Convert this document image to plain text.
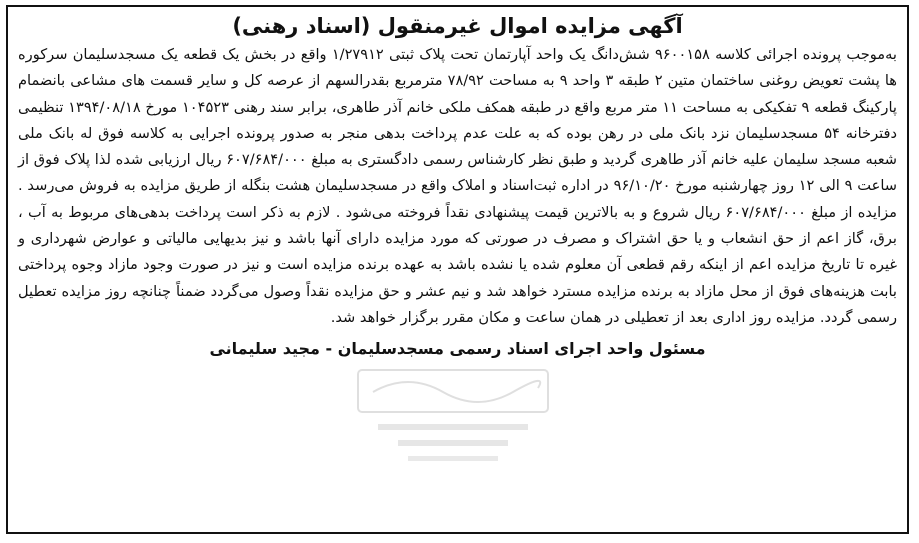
آگهی مزایده اموال غیرمنقول (اسناد رهنی)
به‌موجب پرونده اجرائی کلاسه ۹۶۰۰۱۵۸ شش‌دانگ یک واحد آپارتمان تحت پلاک ثبتی ۱/۲۷۹۱۲ واقع در بخش یک قطعه یک مسجدسلیمان سرکوره ها پشت تعویض روغنی ساختمان متین ۲ طبقه ۳ واحد ۹ به مساحت ۷۸/۹۲ مترمربع بقدرالسهم از عرصه کل و سایر قسمت های مشاعی بانضمام پارکینگ قطعه ۹ تفکیکی به مساحت ۱۱ متر مربع واقع در طبقه همکف ملکی خانم آذر طاهری، برابر سند رهنی ۱۰۴۵۲۳ مورخ ۱۳۹۴/۰۸/۱۸ تنظیمی دفترخانه ۵۴ مسجدسلیمان نزد بانک ملی در رهن بوده که به علت عدم پرداخت بدهی منجر به صدور پرونده اجرایی به کلاسه فوق له بانک ملی شعبه مسجد سلیمان علیه خانم آذر طاهری گردید و طبق نظر کارشناس رسمی دادگستری به مبلغ ۶۰۷/۶۸۴/۰۰۰ ریال ارزیابی شده لذا پلاک فوق از ساعت ۹ الی ۱۲ روز چهارشنبه مورخ ۹۶/۱۰/۲۰ در اداره ثبت‌اسناد و املاک واقع در مسجدسلیمان هشت بنگله از طریق مزایده به فروش می‌رسد . مزایده از مبلغ ۶۰۷/۶۸۴/۰۰۰ ریال شروع و به بالاترین قیمت پیشنهادی نقداً فروخته می‌شود . لازم به ذکر است پرداخت بدهی‌های مربوط به آب ، برق، گاز اعم از حق انشعاب و یا حق اشتراک و مصرف در صورتی که مورد مزایده دارای آنها باشد و نیز بدیهایی مالیاتی و عوارض شهرداری و غیره تا تاریخ مزایده اعم از اینکه رقم قطعی آن معلوم شده یا نشده باشد به عهده برنده مزایده است و نیز در صورت وجود مازاد وجوه پرداختی بابت هزینه‌های فوق از محل مازاد به برنده مزایده مسترد خواهد شد و نیم عشر و حق مزایده نقداً وصول می‌گردد ضمناً چنانچه روز مزایده تعطیل رسمی گردد. مزایده روز اداری بعد از تعطیلی در همان ساعت و مکان مقرر برگزار خواهد شد.
مسئول واحد اجرای اسناد رسمی مسجدسلیمان - مجید سلیمانی
